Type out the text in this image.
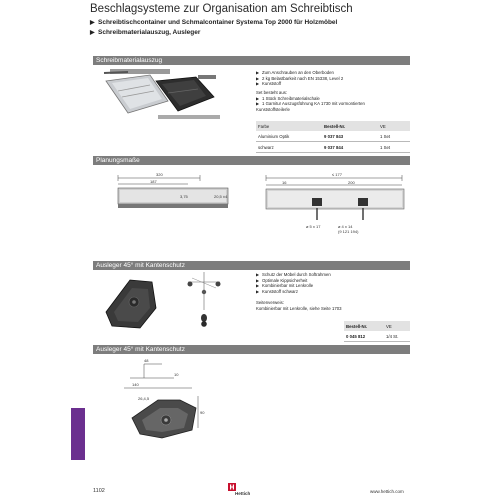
Beschlagsysteme zur Organisation am Schreibtisch
▶ Schreibtischcontainer und Schmalcontainer Systema Top 2000 für Holzmöbel
▶ Schreibmaterialauszug, Ausleger
Schreibmaterialauszug
▶ Zum Anschrauben an den Oberboden
▶ 2 kg Belastbarkeit nach EN 15338, Level 2
▶ Kunststoff
Set besteht aus:
▶ 1 Stück Schreibmaterialschale
▶ 1 Garnitur Auszugsführung KA 1730 mit vormontierten Kunststoffsteilerle
Farbe	Bestell-Nr.	VE
Aluminium Optik	9 037 843	1 Set
schwarz	9 037 844	1 Set
Planungsmaße
320
187
3,75	20,5 ±4
≤ 177
16	200
ø 5 x 17	ø 4 x 14
(9 121 194)
Ausleger 45° mit Kantenschutz
▶ Schutz der Möbel durch Softrahmen
▶ Optimale Kippsicherheit
▶ Kombinierbar mit Lenkrolle
▶ Kunststoff schwarz
Seitenverweis:
Kombinierbar mit Lenkrolle, siehe Seite 1703
Bestell-Nr.	VE
0 045 812	1/4 St.
Ausleger 45° mit Kantenschutz
48
10
140
26,4,5
90
1102	Hettich	www.hettich.com
